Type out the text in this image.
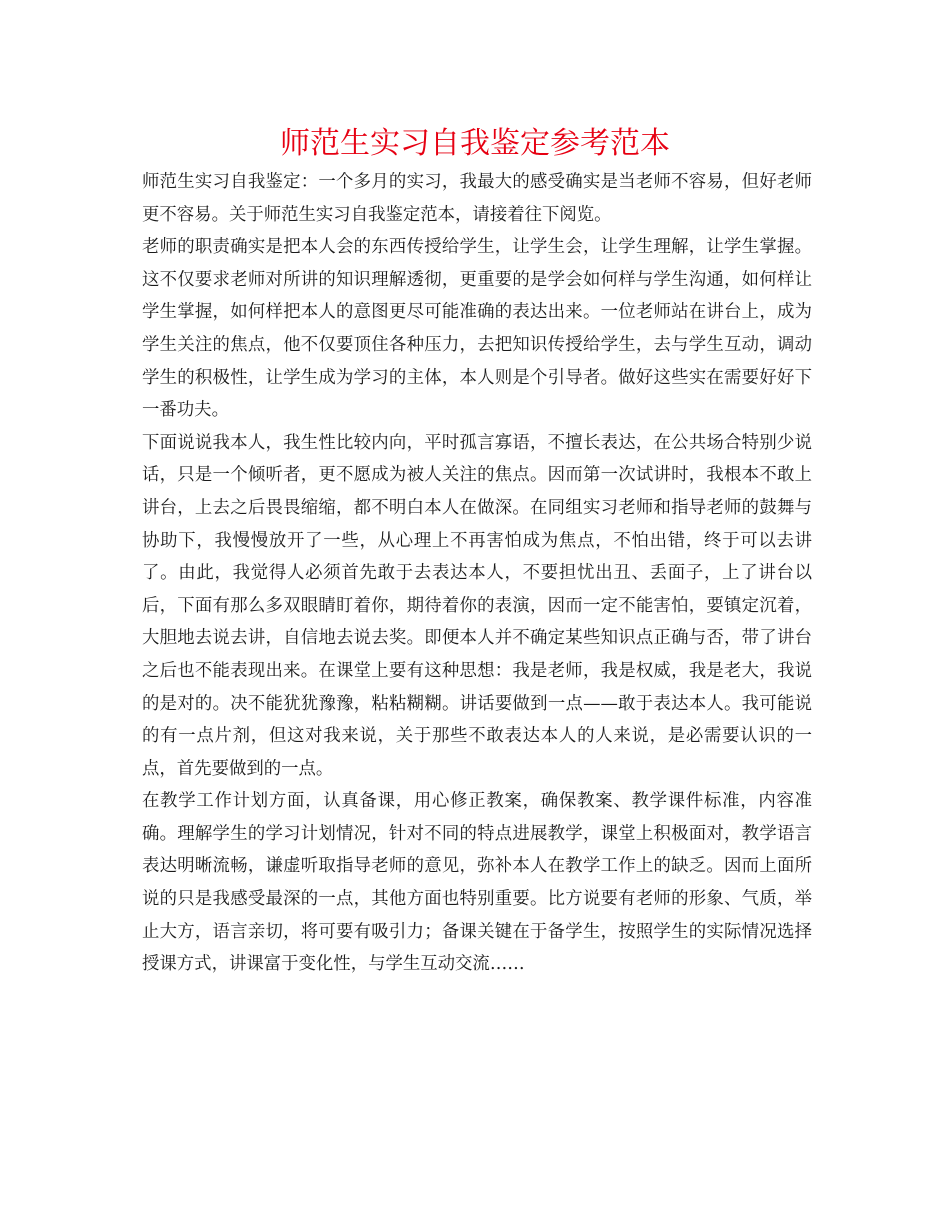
师范生实习自我鉴定参考范本

师范生实习自我鉴定：一个多月的实习，我最大的感受确实是当老师不容易，但好老师更不容易。关于师范生实习自我鉴定范本，请接着往下阅览。

老师的职责确实是把本人会的东西传授给学生，让学生会，让学生理解，让学生掌握。这不仅要求老师对所讲的知识理解透彻，更重要的是学会如何样与学生沟通，如何样让学生掌握，如何样把本人的意图更尽可能准确的表达出来。一位老师站在讲台上，成为学生关注的焦点，他不仅要顶住各种压力，去把知识传授给学生，去与学生互动，调动学生的积极性，让学生成为学习的主体，本人则是个引导者。做好这些实在需要好好下一番功夫。

下面说说我本人，我生性比较内向，平时孤言寡语，不擅长表达，在公共场合特别少说话，只是一个倾听者，更不愿成为被人关注的焦点。因而第一次试讲时，我根本不敢上讲台，上去之后畏畏缩缩，都不明白本人在做深。在同组实习老师和指导老师的鼓舞与协助下，我慢慢放开了一些，从心理上不再害怕成为焦点，不怕出错，终于可以去讲了。由此，我觉得人必须首先敢于去表达本人，不要担忧出丑、丢面子，上了讲台以后，下面有那么多双眼睛盯着你，期待着你的表演，因而一定不能害怕，要镇定沉着，大胆地去说去讲，自信地去说去奖。即便本人并不确定某些知识点正确与否，带了讲台之后也不能表现出来。在课堂上要有这种思想：我是老师，我是权威，我是老大，我说的是对的。决不能犹犹豫豫，粘粘糊糊。讲话要做到一点——敢于表达本人。我可能说的有一点片剂，但这对我来说，关于那些不敢表达本人的人来说，是必需要认识的一点，首先要做到的一点。

在教学工作计划方面，认真备课，用心修正教案，确保教案、教学课件标准，内容准确。理解学生的学习计划情况，针对不同的特点进展教学，课堂上积极面对，教学语言表达明晰流畅，谦虚听取指导老师的意见，弥补本人在教学工作上的缺乏。因而上面所说的只是我感受最深的一点，其他方面也特别重要。比方说要有老师的形象、气质，举止大方，语言亲切，将可要有吸引力；备课关键在于备学生，按照学生的实际情况选择授课方式，讲课富于变化性，与学生互动交流……
